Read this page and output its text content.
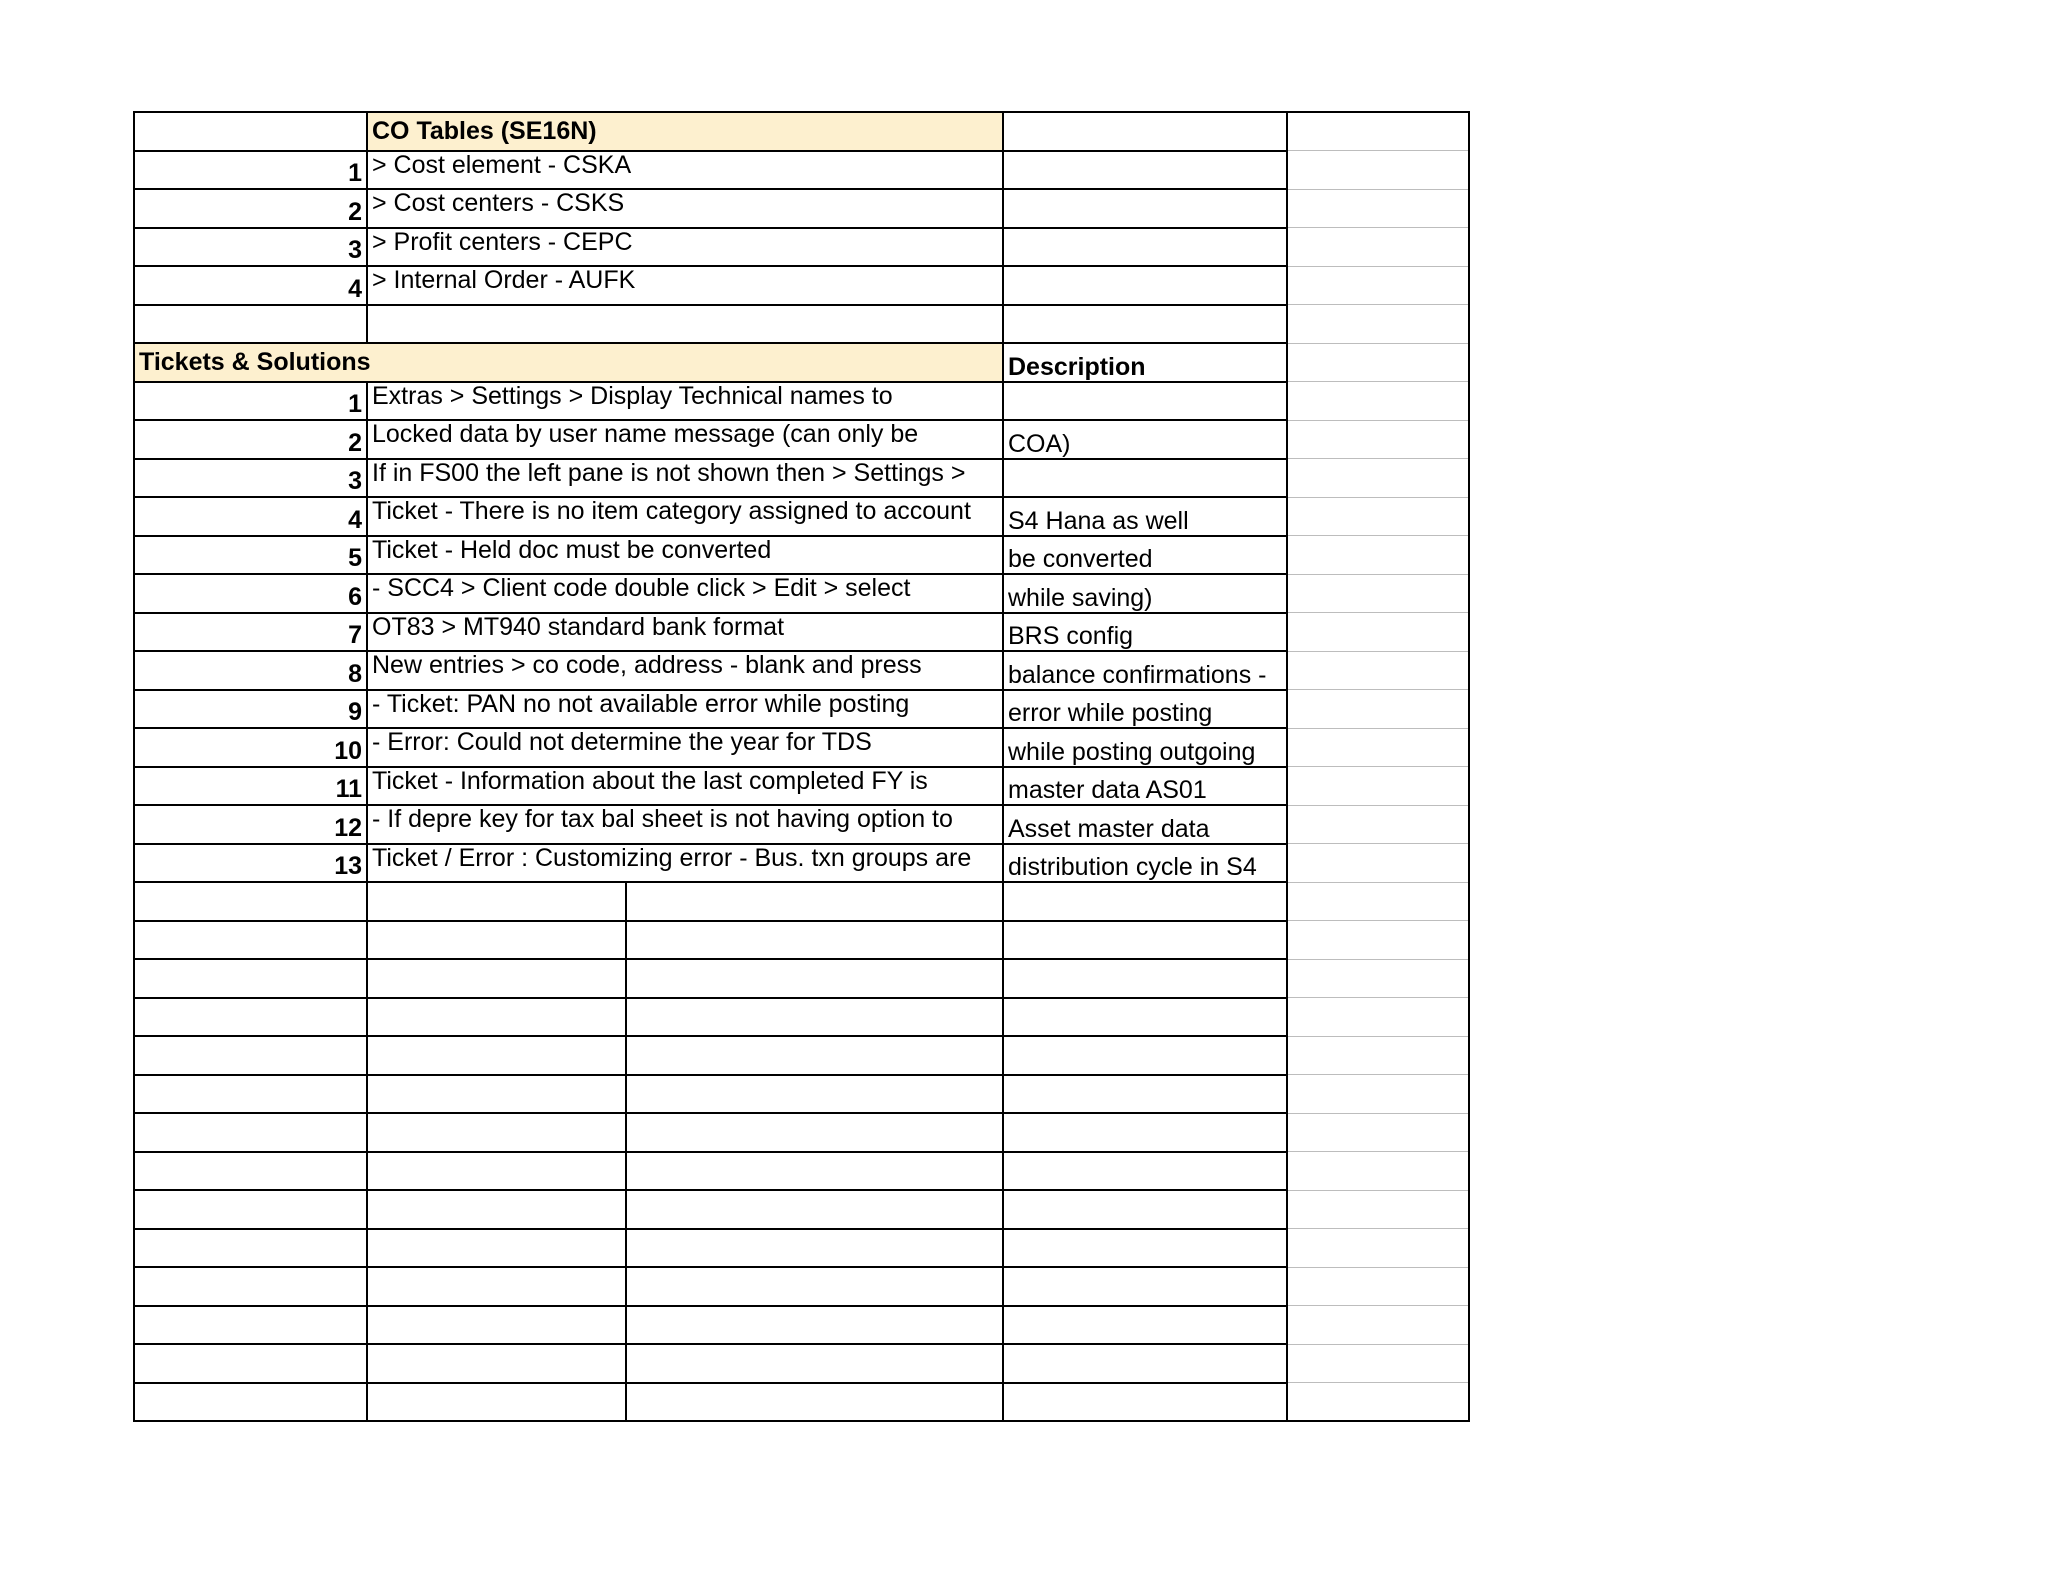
	CO Tables (SE16N)			
1	> Cost element - CSKA			
2	> Cost centers - CSKS			
3	> Profit centers - CEPC			
4	> Internal Order - AUFK			

Tickets & Solutions			Description	
1	Extras > Settings > Display Technical names to			
2	Locked data by user name message (can only be		COA)	
3	If in FS00 the left pane is not shown then > Settings >			
4	Ticket - There is no item category assigned to account		S4 Hana as well	
5	Ticket - Held doc must be converted		be converted	
6	- SCC4 > Client code double click > Edit > select		while saving)	
7	OT83 > MT940 standard bank format		BRS config	
8	New entries > co code, address - blank and press		balance confirmations -	
9	- Ticket: PAN no not available error while posting		error while posting	
10	- Error: Could not determine the year for TDS		while posting outgoing	
11	Ticket - Information about the last completed FY is		master data AS01	
12	- If depre key for tax bal sheet is not having option to		Asset master data	
13	Ticket / Error : Customizing error - Bus. txn groups are		distribution cycle in S4	
